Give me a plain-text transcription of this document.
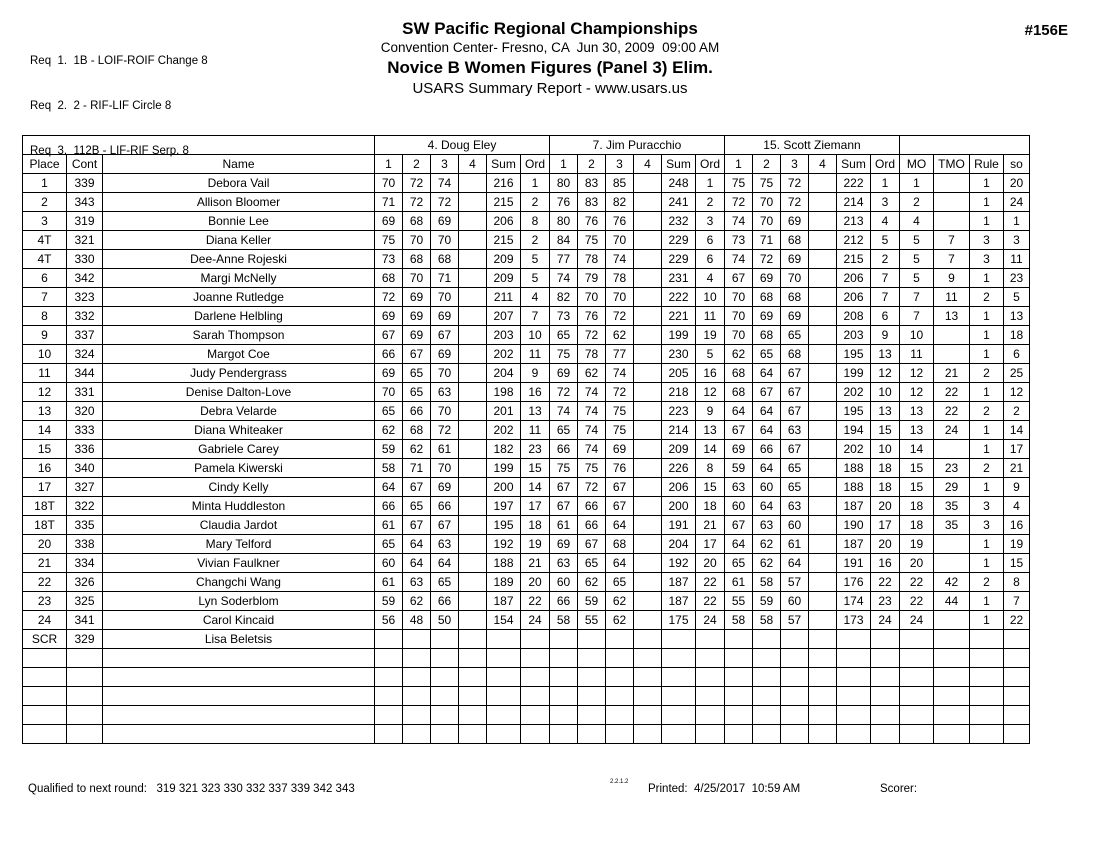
Req  1.  1B - LOIF-ROIF Change 8

Req  2.  2 - RIF-LIF Circle 8

Req  3.  112B - LIF-RIF Serp. 8

SW Pacific Regional Championships
Convention Center- Fresno, CA  Jun 30, 2009  09:00 AM
Novice B Women Figures (Panel 3) Elim.
USARS Summary Report - www.usars.us
#156E
			4. Doug Eley						7. Jim Puracchio						15. Scott Ziemann									
Place	Cont	Name	1	2	3	4	Sum	Ord	1	2	3	4	Sum	Ord	1	2	3	4	Sum	Ord	MO	TMO	Rule	so
1	339	Debora Vail	70	72	74		216	1	80	83	85		248	1	75	75	72		222	1	1		1	20
2	343	Allison Bloomer	71	72	72		215	2	76	83	82		241	2	72	70	72		214	3	2		1	24
3	319	Bonnie Lee	69	68	69		206	8	80	76	76		232	3	74	70	69		213	4	4		1	1
4T	321	Diana Keller	75	70	70		215	2	84	75	70		229	6	73	71	68		212	5	5	7	3	3
4T	330	Dee-Anne Rojeski	73	68	68		209	5	77	78	74		229	6	74	72	69		215	2	5	7	3	11
6	342	Margi McNelly	68	70	71		209	5	74	79	78		231	4	67	69	70		206	7	5	9	1	23
7	323	Joanne Rutledge	72	69	70		211	4	82	70	70		222	10	70	68	68		206	7	7	11	2	5
8	332	Darlene Helbling	69	69	69		207	7	73	76	72		221	11	70	69	69		208	6	7	13	1	13
9	337	Sarah Thompson	67	69	67		203	10	65	72	62		199	19	70	68	65		203	9	10		1	18
10	324	Margot Coe	66	67	69		202	11	75	78	77		230	5	62	65	68		195	13	11		1	6
11	344	Judy Pendergrass	69	65	70		204	9	69	62	74		205	16	68	64	67		199	12	12	21	2	25
12	331	Denise Dalton-Love	70	65	63		198	16	72	74	72		218	12	68	67	67		202	10	12	22	1	12
13	320	Debra Velarde	65	66	70		201	13	74	74	75		223	9	64	64	67		195	13	13	22	2	2
14	333	Diana Whiteaker	62	68	72		202	11	65	74	75		214	13	67	64	63		194	15	13	24	1	14
15	336	Gabriele Carey	59	62	61		182	23	66	74	69		209	14	69	66	67		202	10	14		1	17
16	340	Pamela Kiwerski	58	71	70		199	15	75	75	76		226	8	59	64	65		188	18	15	23	2	21
17	327	Cindy Kelly	64	67	69		200	14	67	72	67		206	15	63	60	65		188	18	15	29	1	9
18T	322	Minta Huddleston	66	65	66		197	17	67	66	67		200	18	60	64	63		187	20	18	35	3	4
18T	335	Claudia Jardot	61	67	67		195	18	61	66	64		191	21	67	63	60		190	17	18	35	3	16
20	338	Mary Telford	65	64	63		192	19	69	67	68		204	17	64	62	61		187	20	19		1	19
21	334	Vivian Faulkner	60	64	64		188	21	63	65	64		192	20	65	62	64		191	16	20		1	15
22	326	Changchi Wang	61	63	65		189	20	60	62	65		187	22	61	58	57		176	22	22	42	2	8
23	325	Lyn Soderblom	59	62	66		187	22	66	59	62		187	22	55	59	60		174	23	22	44	1	7
24	341	Carol Kincaid	56	48	50		154	24	58	55	62		175	24	58	58	57		173	24	24		1	22
SCR	329	Lisa Beletsis																						

Qualified to next round:   319 321 323 330 332 337 339 342 343
2.2.1.2
Printed:  4/25/2017  10:59 AM	Scorer:
